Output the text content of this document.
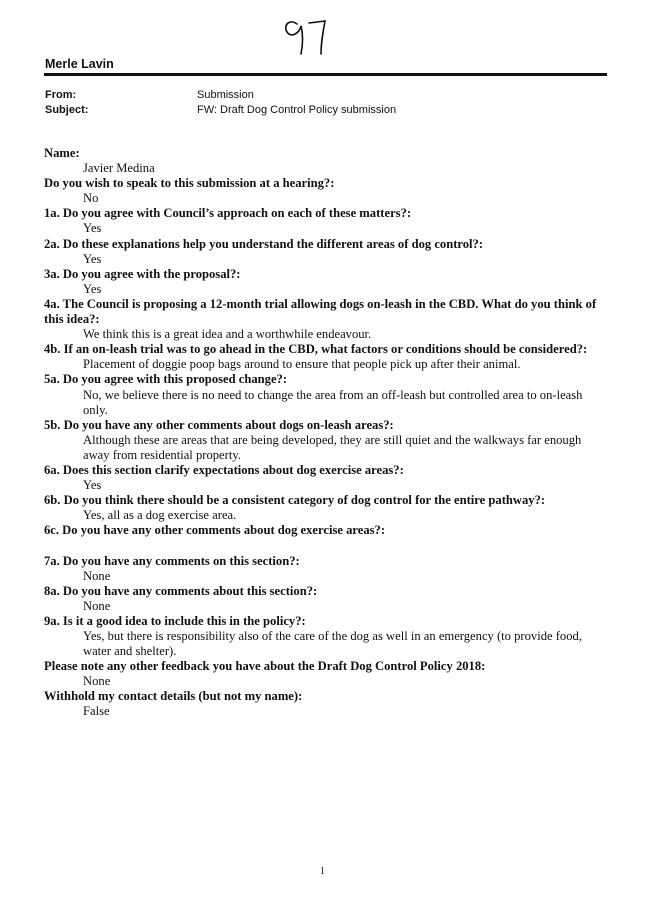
Merle Lavin
From:	Submission
Subject:	FW: Draft Dog Control Policy submission

Name:

Javier Medina

Do you wish to speak to this submission at a hearing?:

No

1a. Do you agree with Council’s approach on each of these matters?:

Yes

2a. Do these explanations help you understand the different areas of dog control?:

Yes

3a. Do you agree with the proposal?:

Yes

4a. The Council is proposing a 12-month trial allowing dogs on-leash in the CBD. What do you think of this idea?:

We think this is a great idea and a worthwhile endeavour.

4b. If an on-leash trial was to go ahead in the CBD, what factors or conditions should be considered?:

Placement of doggie poop bags around to ensure that people pick up after their animal.

5a. Do you agree with this proposed change?:

No, we believe there is no need to change the area from an off-leash but controlled area to on-leash only.

5b. Do you have any other comments about dogs on-leash areas?:

Although these are areas that are being developed, they are still quiet and the walkways far enough away from residential property.

6a. Does this section clarify expectations about dog exercise areas?:

Yes

6b. Do you think there should be a consistent category of dog control for the entire pathway?:

Yes, all as a dog exercise area.

6c. Do you have any other comments about dog exercise areas?:

7a. Do you have any comments on this section?:

None

8a. Do you have any comments about this section?:

None

9a. Is it a good idea to include this in the policy?:

Yes, but there is responsibility also of the care of the dog as well in an emergency (to provide food, water and shelter).

Please note any other feedback you have about the Draft Dog Control Policy 2018:

None

Withhold my contact details (but not my name):

False

1
